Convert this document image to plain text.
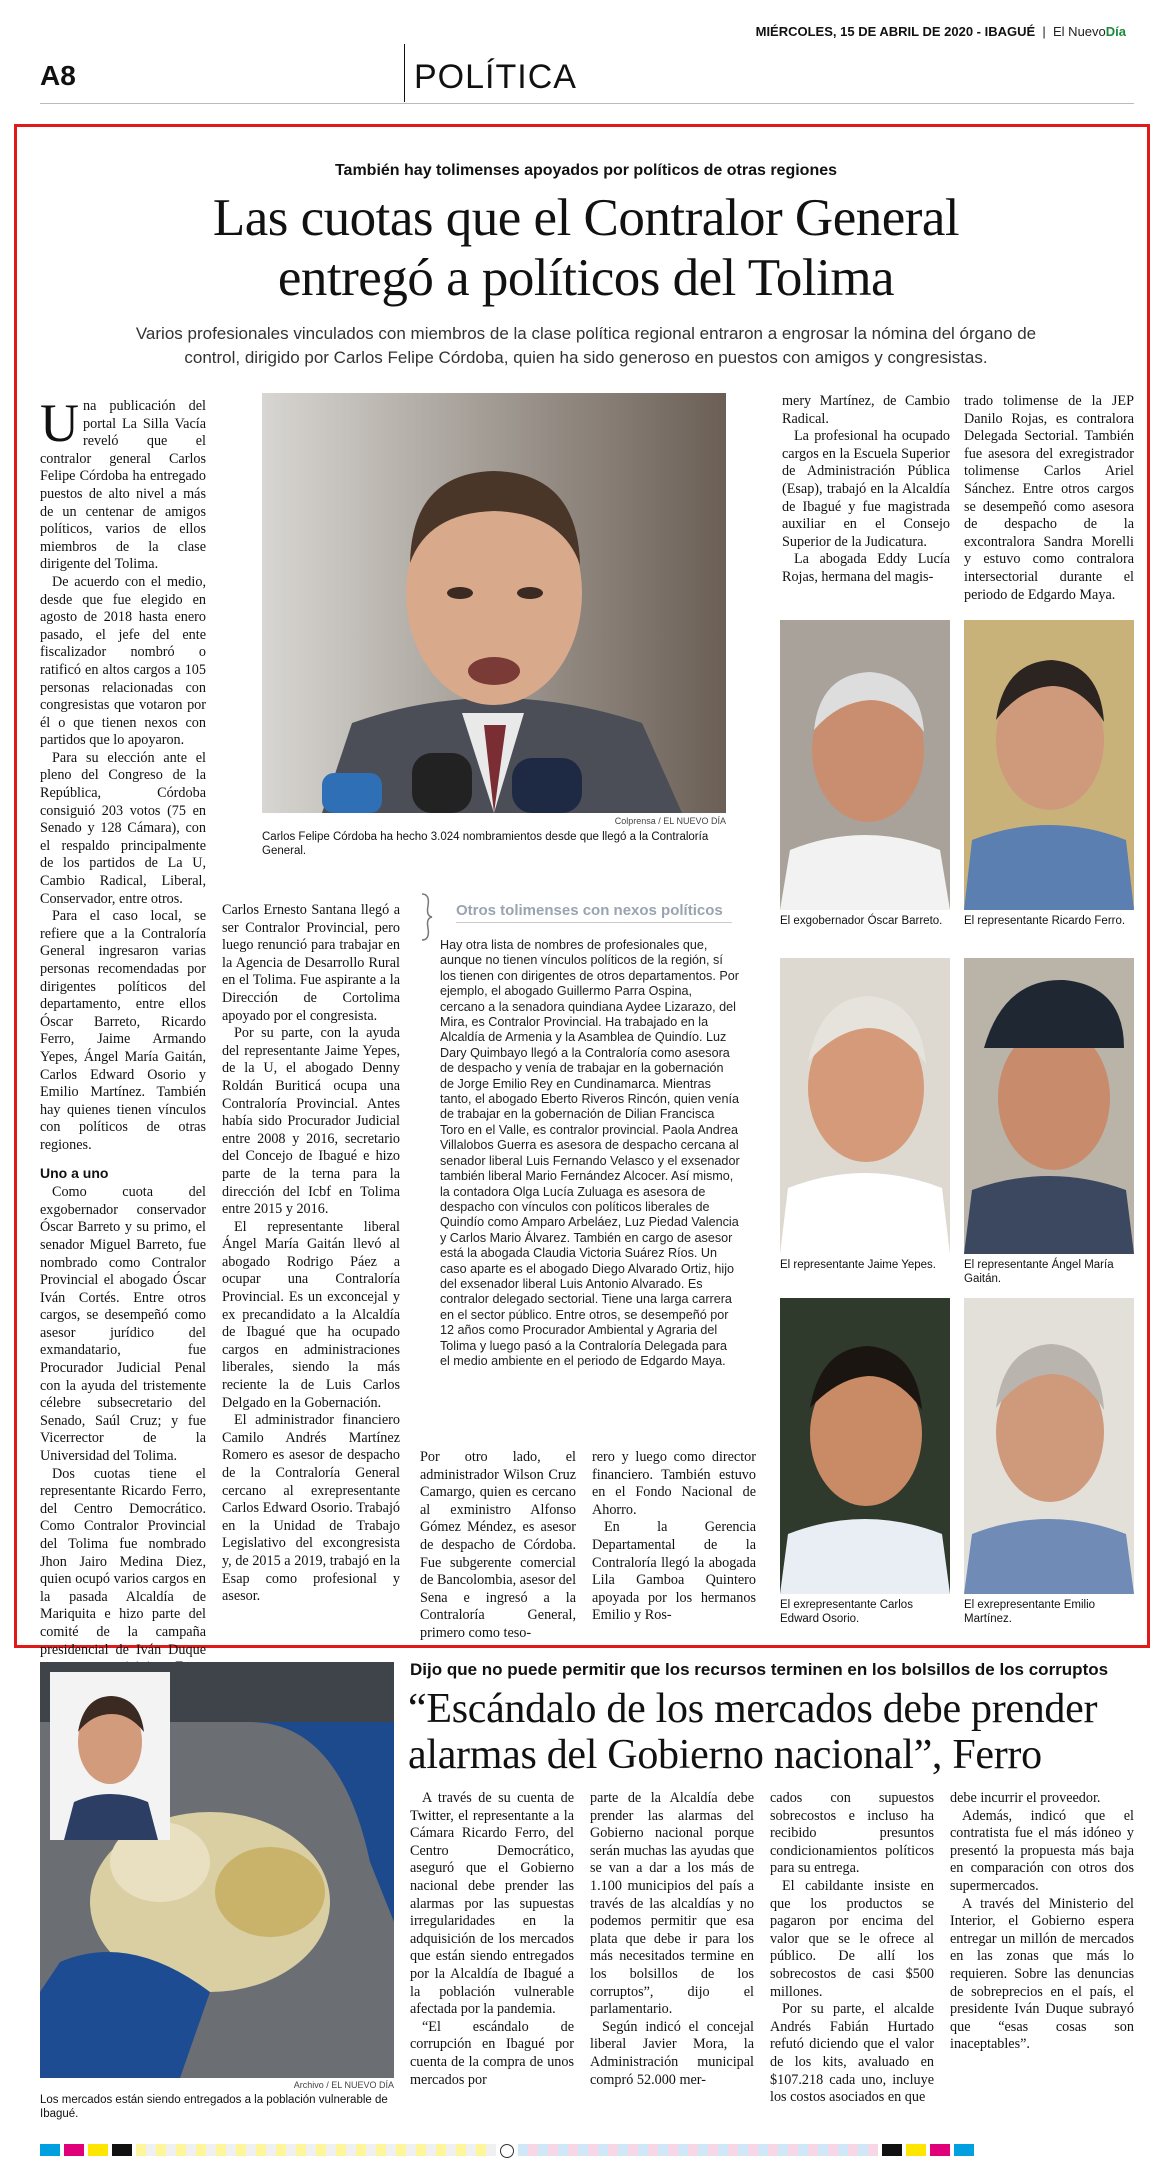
MIÉRCOLES, 15 DE ABRIL DE 2020 - IBAGUÉ  |  El NuevoDía
A8	POLÍTICA
También hay tolimenses apoyados por políticos de otras regiones
Las cuotas que el Contralor General
entregó a políticos del Tolima
Varios profesionales vinculados con miembros de la clase política regional entraron a engrosar la nómina del órgano de control, dirigido por Carlos Felipe Córdoba, quien ha sido generoso en puestos con amigos y congresistas.
U na publicación del portal La Silla Vacía reveló que el contralor general Carlos Felipe Córdoba ha entregado puestos de alto nivel a más de un centenar de amigos políticos, varios de ellos miembros de la clase dirigente del Tolima.

De acuerdo con el medio, desde que fue elegido en agosto de 2018 hasta enero pasado, el jefe del ente fiscalizador nombró o ratificó en altos cargos a 105 personas relacionadas con congresistas que votaron por él o que tienen nexos con partidos que lo apoyaron.

Para su elección ante el pleno del Congreso de la República, Córdoba consiguió 203 votos (75 en Senado y 128 Cámara), con el respaldo principalmente de los partidos de La U, Cambio Radical, Liberal, Conservador, entre otros.

Para el caso local, se refiere que a la Contraloría General ingresaron varias personas recomendadas por dirigentes políticos del departamento, entre ellos Óscar Barreto, Ricardo Ferro, Jaime Armando Yepes, Ángel María Gaitán, Carlos Edward Osorio y Emilio Martínez. También hay quienes tienen vínculos con políticos de otras regiones.

Uno a uno

Como cuota del exgobernador conservador Óscar Barreto y su primo, el senador Miguel Barreto, fue nombrado como Contralor Provincial el abogado Óscar Iván Cortés. Entre otros cargos, se desempeñó como asesor jurídico del exmandatario, fue Procurador Judicial Penal con la ayuda del tristemente célebre subsecretario del Senado, Saúl Cruz; y fue Vicerrector de la Universidad del Tolima.

Dos cuotas tiene el representante Ricardo Ferro, del Centro Democrático. Como Contralor Provincial del Tolima fue nombrado Jhon Jairo Medina Diez, quien ocupó varios cargos en la pasada Alcaldía de Mariquita e hizo parte del comité de la campaña presidencial de Iván Duque

Colprensa / EL NUEVO DÍA
Carlos Felipe Córdoba ha hecho 3.024 nombramientos desde que llegó a la Contraloría General.

Carlos Ernesto Santana llegó a ser Contralor Provincial, pero luego renunció para trabajar en la Agencia de Desarrollo Rural en el Tolima. Fue aspirante a la Dirección de Cortolima apoyado por el congresista.

Por su parte, con la ayuda del representante Jaime Yepes, de la U, el abogado Denny Roldán Buriticá ocupa una Contraloría Provincial. Antes había sido Procurador Judicial entre 2008 y 2016, secretario del Concejo de Ibagué e hizo parte de la terna para la dirección del Icbf en Tolima entre 2015 y 2016.

El representante liberal Ángel María Gaitán llevó al abogado Rodrigo Páez a ocupar una Contraloría Provincial. Es un exconcejal y ex precandidato a la Alcaldía de Ibagué que ha ocupado cargos en administraciones liberales, siendo la más reciente la de Luis Carlos Delgado en la Gobernación.

El administrador financiero Camilo Andrés Martínez Romero es asesor de despacho de la Contraloría General cercano al exrepresentante Carlos Edward Osorio. Trabajó en la Unidad de Trabajo Legislativo del excongresista y, de 2015 a 2019, trabajó en la Esap como profesional y asesor.

Otros tolimenses con nexos políticos
Hay otra lista de nombres de profesionales que, aunque no tienen vínculos políticos de la región, sí los tienen con dirigentes de otros departamentos. Por ejemplo, el abogado Guillermo Parra Ospina, cercano a la senadora quindiana Aydee Lizarazo, del Mira, es Contralor Provincial. Ha trabajado en la Alcaldía de Armenia y la Asamblea de Quindío. Luz Dary Quimbayo llegó a la Contraloría como asesora de despacho y venía de trabajar en la gobernación de Jorge Emilio Rey en Cundinamarca. Mientras tanto, el abogado Eberto Riveros Rincón, quien venía de trabajar en la gobernación de Dilian Francisca Toro en el Valle, es contralor provincial. Paola Andrea Villalobos Guerra es asesora de despacho cercana al senador liberal Luis Fernando Velasco y el exsenador también liberal Mario Fernández Alcocer. Así mismo, la contadora Olga Lucía Zuluaga es asesora de despacho con vínculos con políticos liberales de Quindío como Amparo Arbeláez, Luz Piedad Valencia y Carlos Mario Álvarez. También en cargo de asesor está la abogada Claudia Victoria Suárez Ríos. Un caso aparte es el abogado Diego Alvarado Ortiz, hijo del exsenador liberal Luis Antonio Alvarado. Es contralor delegado sectorial. Tiene una larga carrera en el sector público. Entre otros, se desempeñó por 12 años como Procurador Ambiental y Agraria del Tolima y luego pasó a la Contraloría Delegada para el medio ambiente en el periodo de Edgardo Maya.

Por otro lado, el administrador Wilson Cruz Camargo, quien es cercano al exministro Alfonso Gómez Méndez, es asesor de despacho de Córdoba. Fue subgerente comercial de Bancolombia, asesor del Sena e ingresó a la Contraloría General, primero como teso-

rero y luego como director financiero. También estuvo en el Fondo Nacional de Ahorro.

En la Gerencia Departamental de la Contraloría llegó la abogada Lila Gamboa Quintero apoyada por los hermanos Emilio y Ros-

mery Martínez, de Cambio Radical.

La profesional ha ocupado cargos en la Escuela Superior de Administración Pública (Esap), trabajó en la Alcaldía de Ibagué y fue magistrada auxiliar en el Consejo Superior de la Judicatura.

La abogada Eddy Lucía Rojas, hermana del magis-

trado tolimense de la JEP Danilo Rojas, es contralora Delegada Sectorial. También fue asesora del exregistrador tolimense Carlos Ariel Sánchez. Entre otros cargos se desempeñó como asesora de despacho de la excontralora Sandra Morelli y estuvo como contralora intersectorial durante el periodo de Edgardo Maya.

El exgobernador Óscar Barreto.	El representante Ricardo Ferro.
El representante Jaime Yepes.	El representante Ángel María Gaitán.
El exrepresentante Carlos Edward Osorio.
El exrepresentante Emilio Martínez.
Dijo que no puede permitir que los recursos terminen en los bolsillos de los corruptos
“Escándalo de los mercados debe prender alarmas del Gobierno nacional”, Ferro
Archivo / EL NUEVO DÍA
Los mercados están siendo entregados a la población vulnerable de Ibagué.

A través de su cuenta de Twitter, el representante a la Cámara Ricardo Ferro, del Centro Democrático, aseguró que el Gobierno nacional debe prender las alarmas por las supuestas irregularidades en la adquisición de los mercados que están siendo entregados por la Alcaldía de Ibagué a la población vulnerable afectada por la pandemia.

“El escándalo de corrupción en Ibagué por cuenta de la compra de unos mercados por

parte de la Alcaldía debe prender las alarmas del Gobierno nacional porque serán muchas las ayudas que se van a dar a los más de 1.100 municipios del país a través de las alcaldías y no podemos permitir que esa plata que debe ir para los más necesitados termine en los bolsillos de los corruptos”, dijo el parlamentario.

Según indicó el concejal liberal Javier Mora, la Administración municipal compró 52.000 mer-

cados con supuestos sobrecostos e incluso ha recibido presuntos condicionamientos políticos para su entrega.

El cabildante insiste en que los productos se pagaron por encima del valor que se le ofrece al público. De allí los sobrecostos de casi $500 millones.

Por su parte, el alcalde Andrés Fabián Hurtado refutó diciendo que el valor de los kits, avaluado en $107.218 cada uno, incluye los costos asociados en que

debe incurrir el proveedor.

Además, indicó que el contratista fue el más idóneo y presentó la propuesta más baja en comparación con otros dos supermercados.

A través del Ministerio del Interior, el Gobierno espera entregar un millón de mercados en las zonas que más lo requieren. Sobre las denuncias de sobreprecios en el país, el presidente Iván Duque subrayó que “esas cosas son inaceptables”.
